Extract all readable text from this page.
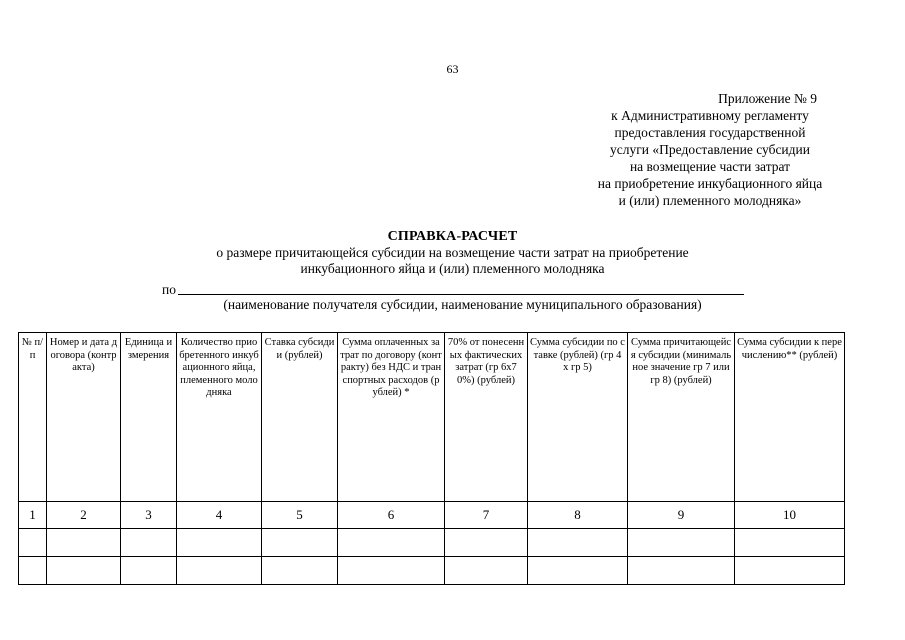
63
Приложение № 9
к Административному регламенту
предоставления государственной
услуги «Предоставление субсидии
на возмещение части затрат
на приобретение инкубационного яйца
и (или) племенного молодняка»
СПРАВКА-РАСЧЕТ
о размере причитающейся субсидии на возмещение части затрат на приобретение
инкубационного яйца и (или) племенного молодняка
по
(наименование получателя субсидии, наименование муниципального образования)
№ п/п	Номер и дата договора (контракта)	Единица измерения	Количество приобретенного инкубационного яйца, племенного молодняка	Ставка субсидии (рублей)	Сумма оплаченных затрат по договору (контракту) без НДС и транспортных расходов (рублей) *	70% от понесенных фактических затрат (гр 6х70%) (рублей)	Сумма субсидии по ставке (рублей) (гр 4 х гр 5)	Сумма причитающейся субсидии (минимальное значение гр 7 или гр 8) (рублей)	Сумма субсидии к перечислению** (рублей)
1	2	3	4	5	6	7	8	9	10
